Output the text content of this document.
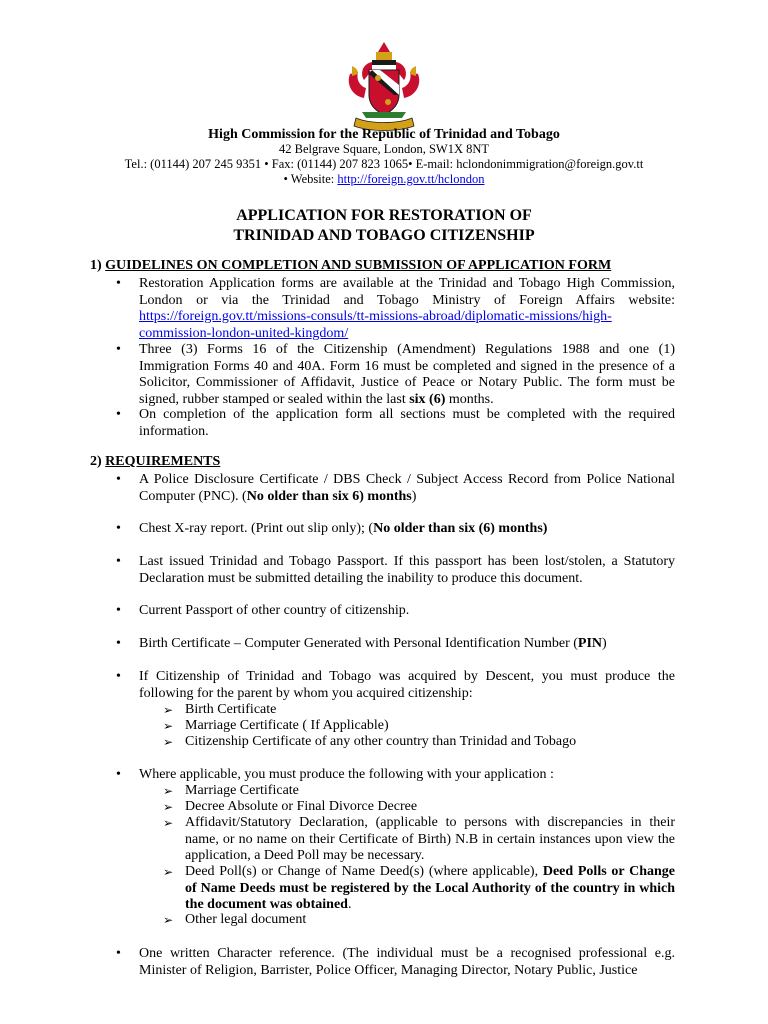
High Commission for the Republic of Trinidad and Tobago
42 Belgrave Square, London, SW1X 8NT
Tel.: (01144) 207 245 9351 • Fax: (01144) 207 823 1065• E-mail: hclondonimmigration@foreign.gov.tt
• Website: http://foreign.gov.tt/hclondon
APPLICATION FOR RESTORATION OF
TRINIDAD AND TOBAGO CITIZENSHIP
1) GUIDELINES ON COMPLETION AND SUBMISSION OF APPLICATION FORM
• Restoration Application forms are available at the Trinidad and Tobago High Commission, London or via the Trinidad and Tobago Ministry of Foreign Affairs website: https://foreign.gov.tt/missions-consuls/tt-missions-abroad/diplomatic-missions/high-commission-london-united-kingdom/
• Three (3) Forms 16 of the Citizenship (Amendment) Regulations 1988 and one (1) Immigration Forms 40 and 40A. Form 16 must be completed and signed in the presence of a Solicitor, Commissioner of Affidavit, Justice of Peace or Notary Public. The form must be signed, rubber stamped or sealed within the last six (6) months.
• On completion of the application form all sections must be completed with the required information.
2) REQUIREMENTS
• A Police Disclosure Certificate / DBS Check / Subject Access Record from Police National Computer (PNC). (No older than six 6) months)
• Chest X-ray report. (Print out slip only); (No older than six (6) months)
• Last issued Trinidad and Tobago Passport. If this passport has been lost/stolen, a Statutory Declaration must be submitted detailing the inability to produce this document.
• Current Passport of other country of citizenship.
• Birth Certificate – Computer Generated with Personal Identification Number (PIN)
• If Citizenship of Trinidad and Tobago was acquired by Descent, you must produce the following for the parent by whom you acquired citizenship:
➢ Birth Certificate
➢ Marriage Certificate ( If Applicable)
➢ Citizenship Certificate of any other country than Trinidad and Tobago
• Where applicable, you must produce the following with your application :
➢ Marriage Certificate
➢ Decree Absolute or Final Divorce Decree
➢ Affidavit/Statutory Declaration, (applicable to persons with discrepancies in their name, or no name on their Certificate of Birth) N.B in certain instances upon view the application, a Deed Poll may be necessary.
➢ Deed Poll(s) or Change of Name Deed(s) (where applicable), Deed Polls or Change of Name Deeds must be registered by the Local Authority of the country in which the document was obtained.
➢ Other legal document
• One written Character reference. (The individual must be a recognised professional e.g. Minister of Religion, Barrister, Police Officer, Managing Director, Notary Public, Justice
